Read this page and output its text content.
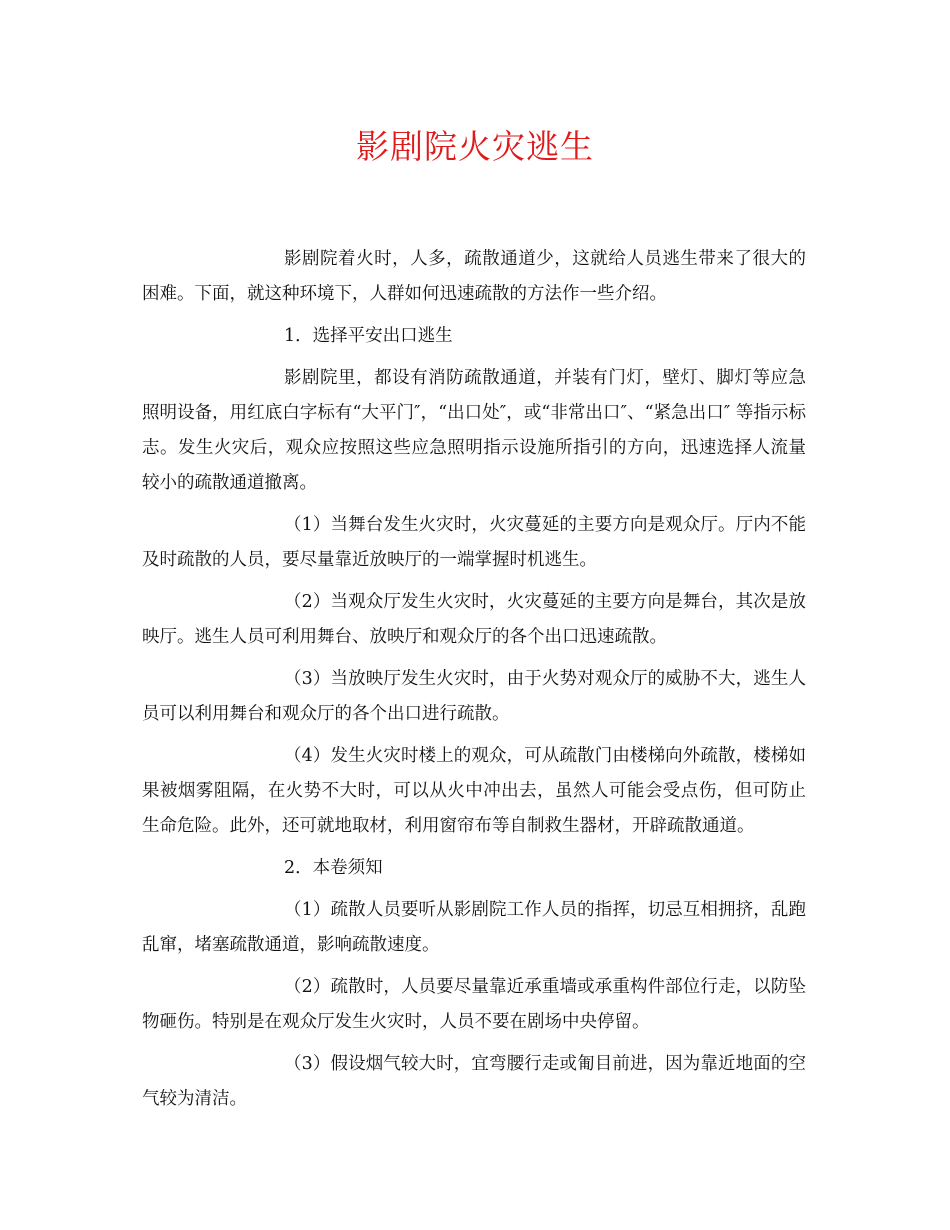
影剧院火灾逃生

影剧院着火时，人多，疏散通道少，这就给人员逃生带来了很大的困难。下面，就这种环境下，人群如何迅速疏散的方法作一些介绍。

1．选择平安出口逃生

影剧院里，都设有消防疏散通道，并装有门灯，壁灯、脚灯等应急照明设备，用红底白字标有“大平门″，“出口处″，或“非常出口″、“紧急出口″ 等指示标志。发生火灾后，观众应按照这些应急照明指示设施所指引的方向，迅速选择人流量较小的疏散通道撤离。

（1）当舞台发生火灾时，火灾蔓延的主要方向是观众厅。厅内不能及时疏散的人员，要尽量靠近放映厅的一端掌握时机逃生。

（2）当观众厅发生火灾时，火灾蔓延的主要方向是舞台，其次是放映厅。逃生人员可利用舞台、放映厅和观众厅的各个出口迅速疏散。

（3）当放映厅发生火灾时，由于火势对观众厅的威胁不大，逃生人员可以利用舞台和观众厅的各个出口进行疏散。

（4）发生火灾时楼上的观众，可从疏散门由楼梯向外疏散，楼梯如果被烟雾阻隔，在火势不大时，可以从火中冲出去，虽然人可能会受点伤，但可防止生命危险。此外，还可就地取材，利用窗帘布等自制救生器材，开辟疏散通道。

2．本卷须知

（1）疏散人员要听从影剧院工作人员的指挥，切忌互相拥挤，乱跑乱窜，堵塞疏散通道，影响疏散速度。

（2）疏散时，人员要尽量靠近承重墙或承重构件部位行走，以防坠物砸伤。特别是在观众厅发生火灾时，人员不要在剧场中央停留。

（3）假设烟气较大时，宜弯腰行走或匍目前进，因为靠近地面的空气较为清洁。
